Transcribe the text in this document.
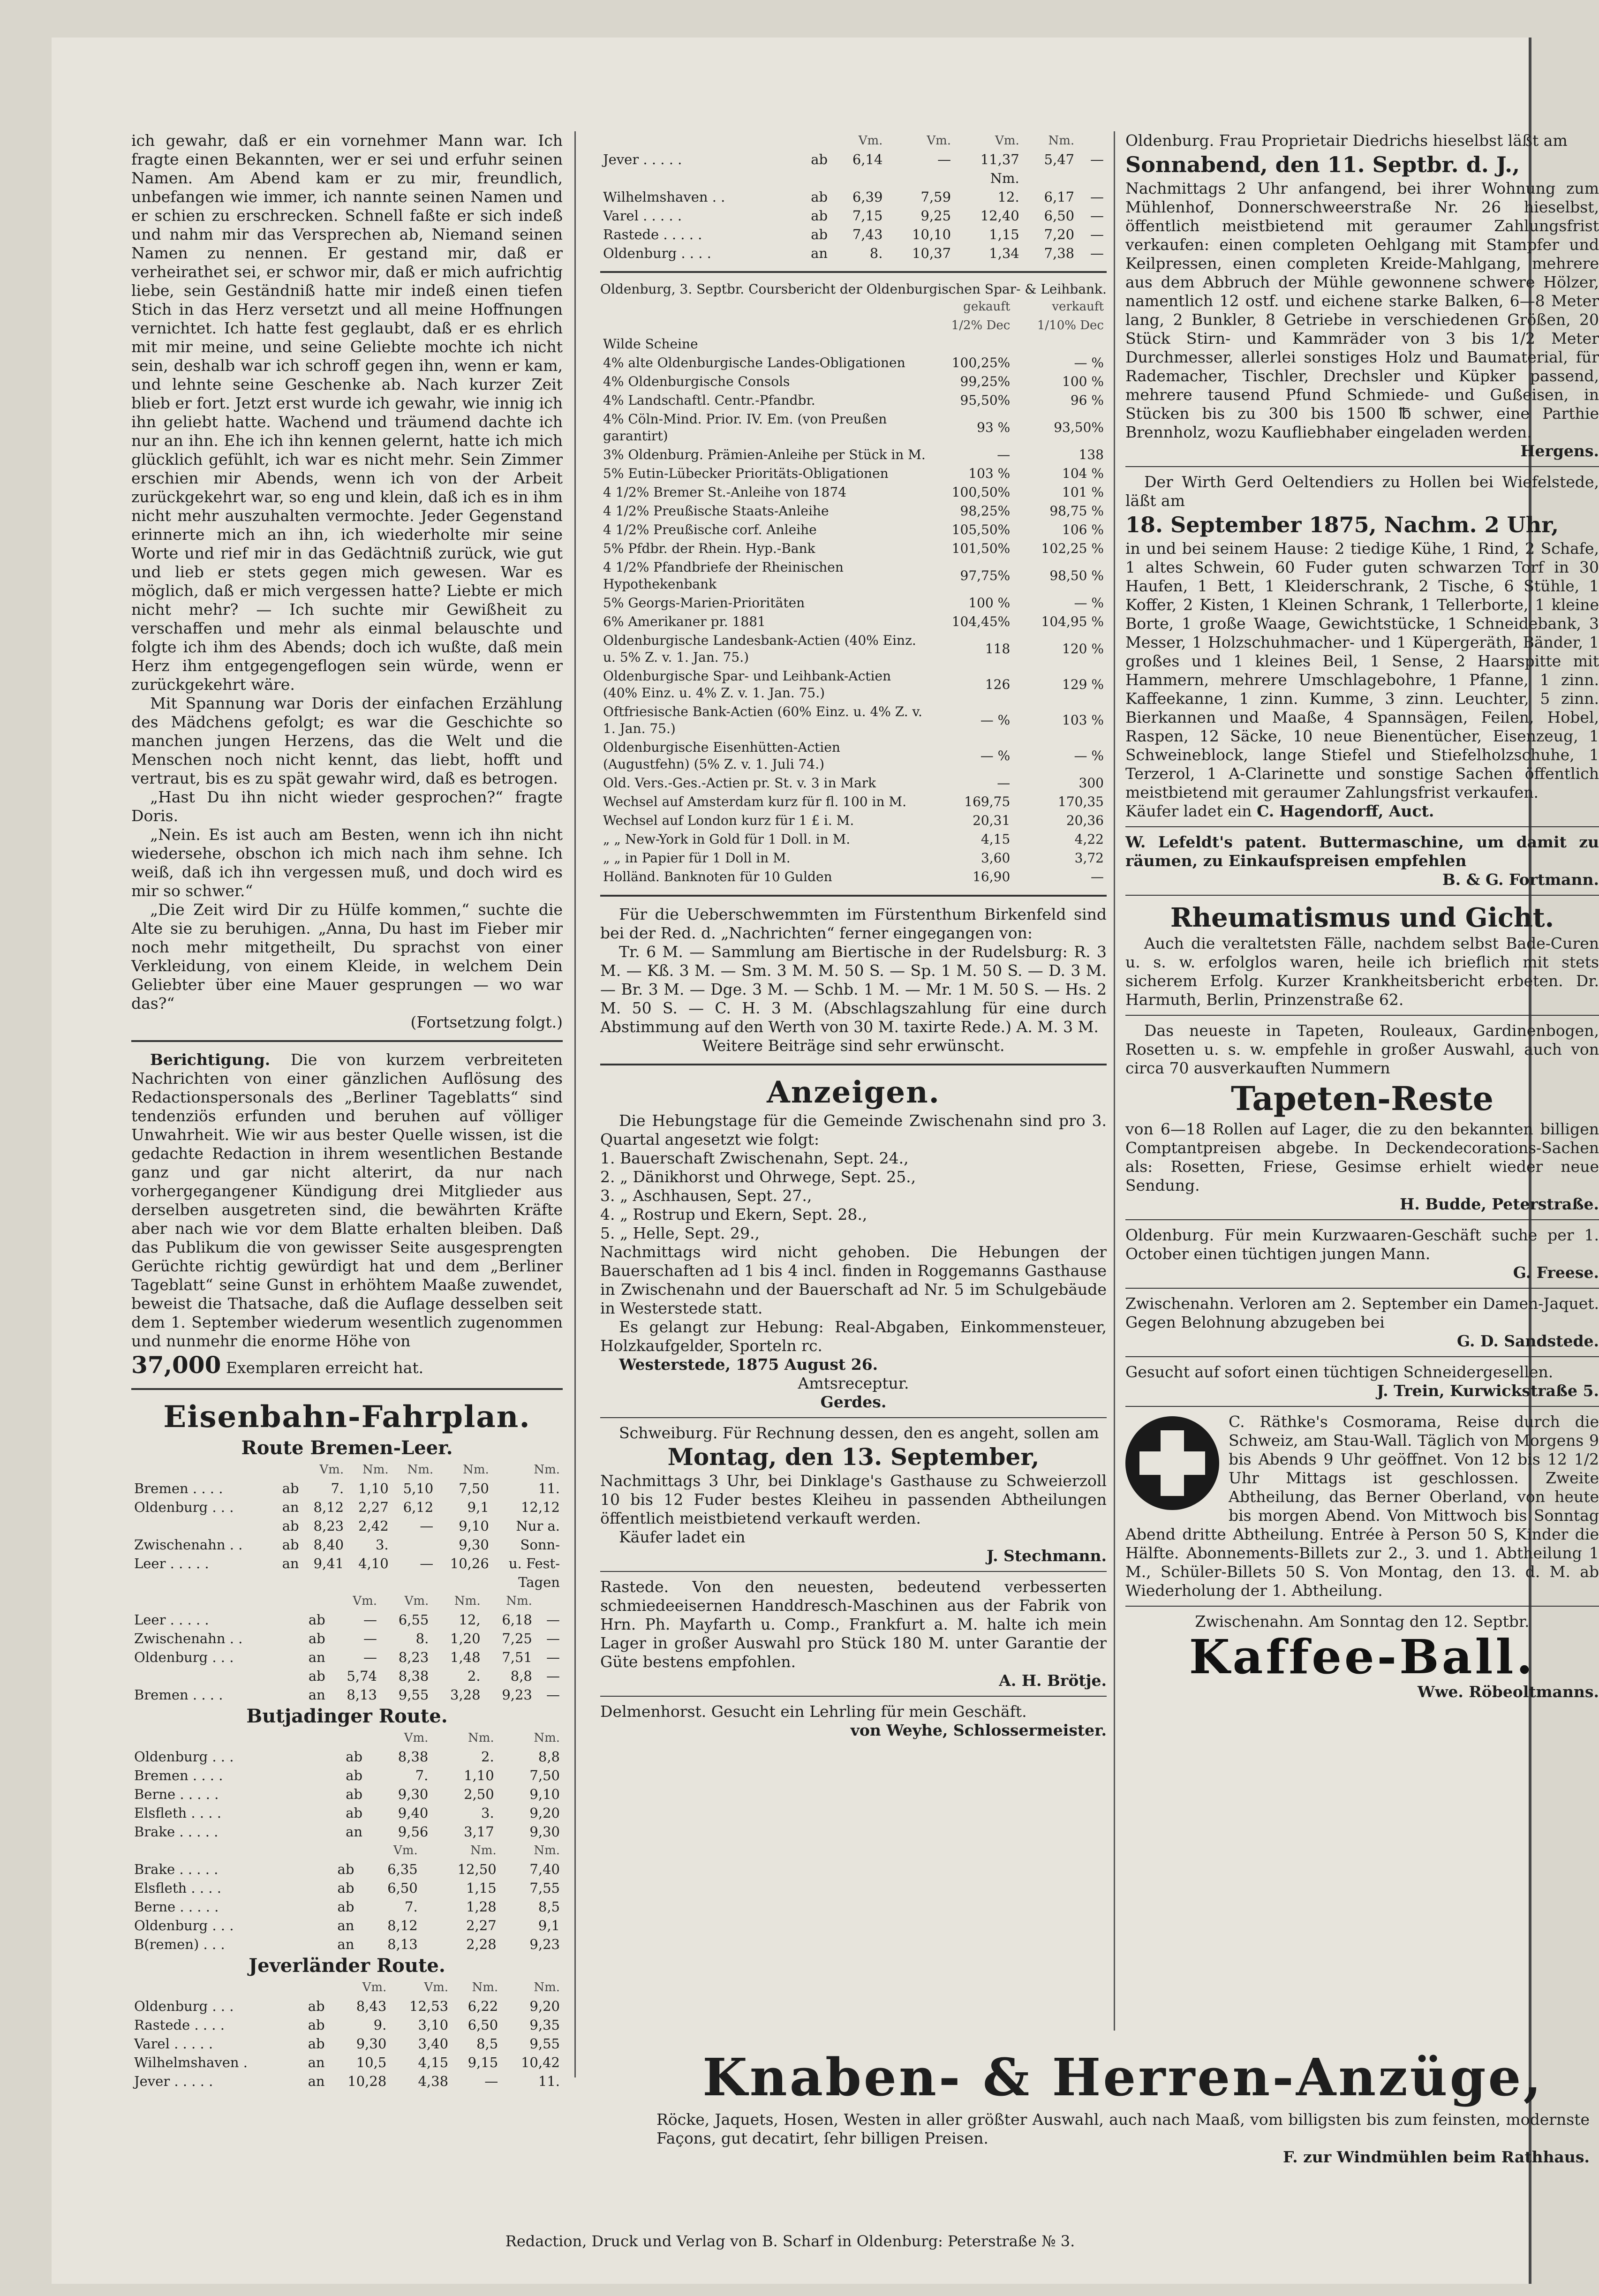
ich gewahr, daß er ein vornehmer Mann war. Ich fragte einen Bekannten, wer er sei und erfuhr seinen Namen. Am Abend kam er zu mir, freundlich, unbefangen wie immer, ich nannte seinen Namen und er schien zu erschrecken. Schnell faßte er sich indeß und nahm mir das Versprechen ab, Niemand seinen Namen zu nennen. Er gestand mir, daß er verheirathet sei, er schwor mir, daß er mich aufrichtig liebe, sein Geständniß hatte mir indeß einen tiefen Stich in das Herz versetzt und all meine Hoffnungen vernichtet. Ich hatte fest geglaubt, daß er es ehrlich mit mir meine, und seine Geliebte mochte ich nicht sein, deshalb war ich schroff gegen ihn, wenn er kam, und lehnte seine Geschenke ab. Nach kurzer Zeit blieb er fort. Jetzt erst wurde ich gewahr, wie innig ich ihn geliebt hatte. Wachend und träumend dachte ich nur an ihn. Ehe ich ihn kennen gelernt, hatte ich mich glücklich gefühlt, ich war es nicht mehr. Sein Zimmer erschien mir Abends, wenn ich von der Arbeit zurückgekehrt war, so eng und klein, daß ich es in ihm nicht mehr auszuhalten vermochte. Jeder Gegenstand erinnerte mich an ihn, ich wiederholte mir seine Worte und rief mir in das Gedächtniß zurück, wie gut und lieb er stets gegen mich gewesen. War es möglich, daß er mich vergessen hatte? Liebte er mich nicht mehr? — Ich suchte mir Gewißheit zu verschaffen und mehr als einmal belauschte und folgte ich ihm des Abends; doch ich wußte, daß mein Herz ihm entgegengeflogen sein würde, wenn er zurückgekehrt wäre.

Mit Spannung war Doris der einfachen Erzählung des Mädchens gefolgt; es war die Geschichte so manchen jungen Herzens, das die Welt und die Menschen noch nicht kennt, das liebt, hofft und vertraut, bis es zu spät gewahr wird, daß es betrogen.

„Hast Du ihn nicht wieder gesprochen?“ fragte Doris.

„Nein. Es ist auch am Besten, wenn ich ihn nicht wiedersehe, obschon ich mich nach ihm sehne. Ich weiß, daß ich ihn vergessen muß, und doch wird es mir so schwer.“

„Die Zeit wird Dir zu Hülfe kommen,“ suchte die Alte sie zu beruhigen. „Anna, Du hast im Fieber mir noch mehr mitgetheilt, Du sprachst von einer Verkleidung, von einem Kleide, in welchem Dein Geliebter über eine Mauer gesprungen — wo war das?“

(Fortsetzung folgt.)

Berichtigung. Die von kurzem verbreiteten Nachrichten von einer gänzlichen Auflösung des Redactionspersonals des „Berliner Tageblatts“ sind tendenziös erfunden und beruhen auf völliger Unwahrheit. Wie wir aus bester Quelle wissen, ist die gedachte Redaction in ihrem wesentlichen Bestande ganz und gar nicht alterirt, da nur nach vorhergegangener Kündigung drei Mitglieder aus derselben ausgetreten sind, die bewährten Kräfte aber nach wie vor dem Blatte erhalten bleiben. Daß das Publikum die von gewisser Seite ausgesprengten Gerüchte richtig gewürdigt hat und dem „Berliner Tageblatt“ seine Gunst in erhöhtem Maaße zuwendet, beweist die Thatsache, daß die Auflage desselben seit dem 1. September wiederum wesentlich zugenommen und nunmehr die enorme Höhe von

37,000 Exemplaren erreicht hat.

Eisenbahn-Fahrplan.
Route Bremen-Leer.
		Vm.	Nm.	Nm.	Nm.	Nm.
Bremen . . . .	ab	7.	1,10	5,10	7,50	11.
Oldenburg . . .	an	8,12	2,27	6,12	9,1	12,12
	ab	8,23	2,42	—	9,10	Nur a.
Zwischenahn . .	ab	8,40	3.		9,30	Sonn-
Leer . . . . .	an	9,41	4,10	—	10,26	u. Fest-
						Tagen
		Vm.	Vm.	Nm.	Nm.	
Leer . . . . .	ab	—	6,55	12,	6,18	—
Zwischenahn . .	ab	—	8.	1,20	7,25	—
Oldenburg . . .	an	—	8,23	1,48	7,51	—
	ab	5,74	8,38	2.	8,8	—
Bremen . . . .	an	8,13	9,55	3,28	9,23	—
Butjadinger Route.
		Vm.	Nm.	Nm.
Oldenburg . . .	ab	8,38	2.	8,8
Bremen . . . .	ab	7.	1,10	7,50
Berne . . . . .	ab	9,30	2,50	9,10
Elsfleth . . . .	ab	9,40	3.	9,20
Brake . . . . .	an	9,56	3,17	9,30
		Vm.	Nm.	Nm.
Brake . . . . .	ab	6,35	12,50	7,40
Elsfleth . . . .	ab	6,50	1,15	7,55
Berne . . . . .	ab	7.	1,28	8,5
Oldenburg . . .	an	8,12	2,27	9,1
B(remen) . . .	an	8,13	2,28	9,23
Jeverländer Route.
		Vm.	Vm.	Nm.	Nm.
Oldenburg . . .	ab	8,43	12,53	6,22	9,20
Rastede . . . .	ab	9.	3,10	6,50	9,35
Varel . . . . .	ab	9,30	3,40	8,5	9,55
Wilhelmshaven .	an	10,5	4,15	9,15	10,42
Jever . . . . .	an	10,28	4,38	—	11.
		Vm.	Vm.	Vm.	Nm.	
Jever . . . . .	ab	6,14	—	11,37	5,47	—
				Nm.		
Wilhelmshaven . .	ab	6,39	7,59	12.	6,17	—
Varel . . . . .	ab	7,15	9,25	12,40	6,50	—
Rastede . . . . .	ab	7,43	10,10	1,15	7,20	—
Oldenburg . . . .	an	8.	10,37	1,34	7,38	—

Oldenburg, 3. Septbr. Coursbericht der Oldenburgischen Spar- & Leihbank.

	gekauft	verkauft
	1/2% Dec	1/10% Dec
Wilde Scheine		
4% alte Oldenburgische Landes-Obligationen	100,25%	— %
4% Oldenburgische Consols	99,25%	100 %
4% Landschaftl. Centr.-Pfandbr.	95,50%	96 %
4% Cöln-Mind. Prior. IV. Em. (von Preußen garantirt)	93 %	93,50%
3% Oldenburg. Prämien-Anleihe per Stück in M.	—	138
5% Eutin-Lübecker Prioritäts-Obligationen	103 %	104 %
4 1/2% Bremer St.-Anleihe von 1874	100,50%	101 %
4 1/2% Preußische Staats-Anleihe	98,25%	98,75 %
4 1/2% Preußische corf. Anleihe	105,50%	106 %
5% Pfdbr. der Rhein. Hyp.-Bank	101,50%	102,25 %
4 1/2% Pfandbriefe der Rheinischen Hypothekenbank	97,75%	98,50 %
5% Georgs-Marien-Prioritäten	100 %	— %
6% Amerikaner pr. 1881	104,45%	104,95 %
Oldenburgische Landesbank-Actien (40% Einz. u. 5% Z. v. 1. Jan. 75.)	118	120 %
Oldenburgische Spar- und Leihbank-Actien (40% Einz. u. 4% Z. v. 1. Jan. 75.)	126	129 %
Oftfriesische Bank-Actien (60% Einz. u. 4% Z. v. 1. Jan. 75.)	— %	103 %
Oldenburgische Eisenhütten-Actien (Augustfehn) (5% Z. v. 1. Juli 74.)	— %	— %
Old. Vers.-Ges.-Actien pr. St. v. 3 in Mark	—	300
Wechsel auf Amsterdam kurz für fl. 100 in M.	169,75	170,35
Wechsel auf London kurz für 1 £ i. M.	20,31	20,36
„ „ New-York in Gold für 1 Doll. in M.	4,15	4,22
„ „ in Papier für 1 Doll in M.	3,60	3,72
Holländ. Banknoten für 10 Gulden	16,90	—

Für die Ueberschwemmten im Fürstenthum Birkenfeld sind bei der Red. d. „Nachrichten“ ferner eingegangen von:

Tr. 6 M. — Sammlung am Biertische in der Rudelsburg: R. 3 M. — Kß. 3 M. — Sm. 3 M. M. 50 S. — Sp. 1 M. 50 S. — D. 3 M. — Br. 3 M. — Dge. 3 M. — Schb. 1 M. — Mr. 1 M. 50 S. — Hs. 2 M. 50 S. — C. H. 3 M. (Abschlagszahlung für eine durch Abstimmung auf den Werth von 30 M. taxirte Rede.) A. M. 3 M.

Weitere Beiträge sind sehr erwünscht.

Anzeigen.

Die Hebungstage für die Gemeinde Zwischenahn sind pro 3. Quartal angesetzt wie folgt:

1. Bauerschaft Zwischenahn, Sept. 24.,

2. „ Dänikhorst und Ohrwege, Sept. 25.,

3. „ Aschhausen, Sept. 27.,

4. „ Rostrup und Ekern, Sept. 28.,

5. „ Helle, Sept. 29.,

Nachmittags wird nicht gehoben. Die Hebungen der Bauerschaften ad 1 bis 4 incl. finden in Roggemanns Gasthause in Zwischenahn und der Bauerschaft ad Nr. 5 im Schulgebäude in Westerstede statt.

Es gelangt zur Hebung: Real-Abgaben, Einkommensteuer, Holzkaufgelder, Sporteln rc.

Westerstede, 1875 August 26.

Amtsreceptur.

Gerdes.

Schweiburg. Für Rechnung dessen, den es angeht, sollen am

Montag, den 13. September,

Nachmittags 3 Uhr, bei Dinklage's Gasthause zu Schweierzoll 10 bis 12 Fuder bestes Kleiheu in passenden Abtheilungen öffentlich meistbietend verkauft werden.

Käufer ladet ein

J. Stechmann.

Rastede. Von den neuesten, bedeutend verbesserten schmiedeeisernen Handdresch-Maschinen aus der Fabrik von Hrn. Ph. Mayfarth u. Comp., Frankfurt a. M. halte ich mein Lager in großer Auswahl pro Stück 180 M. unter Garantie der Güte bestens empfohlen.

A. H. Brötje.

Delmenhorst. Gesucht ein Lehrling für mein Geschäft.

von Weyhe, Schlossermeister.

Oldenburg. Frau Proprietair Diedrichs hieselbst läßt am

Sonnabend, den 11. Septbr. d. J.,

Nachmittags 2 Uhr anfangend, bei ihrer Wohnung zum Mühlenhof, Donnerschweerstraße Nr. 26 hieselbst, öffentlich meistbietend mit geraumer Zahlungsfrist verkaufen: einen completen Oehlgang mit Stampfer und Keilpressen, einen completen Kreide-Mahlgang, mehrere aus dem Abbruch der Mühle gewonnene schwere Hölzer, namentlich 12 ostf. und eichene starke Balken, 6—8 Meter lang, 2 Bunkler, 8 Getriebe in verschiedenen Größen, 20 Stück Stirn- und Kammräder von 3 bis 1/2 Meter Durchmesser, allerlei sonstiges Holz und Baumaterial, für Rademacher, Tischler, Drechsler und Küpker passend, mehrere tausend Pfund Schmiede- und Gußeisen, in Stücken bis zu 300 bis 1500 ℔ schwer, eine Parthie Brennholz, wozu Kaufliebhaber eingeladen werden.

Hergens.

Der Wirth Gerd Oeltendiers zu Hollen bei Wiefelstede, läßt am

18. September 1875, Nachm. 2 Uhr,

in und bei seinem Hause: 2 tiedige Kühe, 1 Rind, 2 Schafe, 1 altes Schwein, 60 Fuder guten schwarzen Torf in 30 Haufen, 1 Bett, 1 Kleiderschrank, 2 Tische, 6 Stühle, 1 Koffer, 2 Kisten, 1 Kleinen Schrank, 1 Tellerborte, 1 kleine Borte, 1 große Waage, Gewichtstücke, 1 Schneidebank, 3 Messer, 1 Holzschuhmacher- und 1 Küpergeräth, Bänder, 1 großes und 1 kleines Beil, 1 Sense, 2 Haarspitte mit Hammern, mehrere Umschlagebohre, 1 Pfanne, 1 zinn. Kaffeekanne, 1 zinn. Kumme, 3 zinn. Leuchter, 5 zinn. Bierkannen und Maaße, 4 Spannsägen, Feilen, Hobel, Raspen, 12 Säcke, 10 neue Bienentücher, Eisenzeug, 1 Schweineblock, lange Stiefel und Stiefelholzschuhe, 1 Terzerol, 1 A-Clarinette und sonstige Sachen öffentlich meistbietend mit geraumer Zahlungsfrist verkaufen.

Käufer ladet ein C. Hagendorff, Auct.

W. Lefeldt's patent. Buttermaschine, um damit zu räumen, zu Einkaufspreisen empfehlen

B. & G. Fortmann.

Rheumatismus und Gicht.

Auch die veraltetsten Fälle, nachdem selbst Bade-Curen u. s. w. erfolglos waren, heile ich brieflich mit stets sicherem Erfolg. Kurzer Krankheitsbericht erbeten. Dr. Harmuth, Berlin, Prinzenstraße 62.

Das neueste in Tapeten, Rouleaux, Gardinenbogen, Rosetten u. s. w. empfehle in großer Auswahl, auch von circa 70 ausverkauften Nummern

Tapeten-Reste

von 6—18 Rollen auf Lager, die zu den bekannten billigen Comptantpreisen abgebe. In Deckendecorations-Sachen als: Rosetten, Friese, Gesimse erhielt wieder neue Sendung.

H. Budde, Peterstraße.

Oldenburg. Für mein Kurzwaaren-Geschäft suche per 1. October einen tüchtigen jungen Mann.

G. Freese.

Zwischenahn. Verloren am 2. September ein Damen-Jaquet. Gegen Belohnung abzugeben bei

G. D. Sandstede.

Gesucht auf sofort einen tüchtigen Schneidergesellen.

J. Trein, Kurwickstraße 5.

C. Räthke's Cosmorama, Reise durch die Schweiz, am Stau-Wall. Täglich von Morgens 9 bis Abends 9 Uhr geöffnet. Von 12 bis 12 1/2 Uhr Mittags ist geschlossen. Zweite Abtheilung, das Berner Oberland, von heute bis morgen Abend. Von Mittwoch bis Sonntag Abend dritte Abtheilung. Entrée à Person 50 S, Kinder die Hälfte. Abonnements-Billets zur 2., 3. und 1. Abtheilung 1 M., Schüler-Billets 50 S. Von Montag, den 13. d. M. ab Wiederholung der 1. Abtheilung.

Zwischenahn. Am Sonntag den 12. Septbr.

Kaffee-Ball.

Wwe. Röbeoltmanns.

Knaben- & Herren-Anzüge,

Röcke, Jaquets, Hosen, Westen in aller größter Auswahl, auch nach Maaß, vom billigsten bis zum feinsten, modernste Façons, gut decatirt, ſehr billigen Preisen.

F. zur Windmühlen beim Rathhaus.

Redaction, Druck und Verlag von B. Scharf in Oldenburg: Peterstraße № 3.
